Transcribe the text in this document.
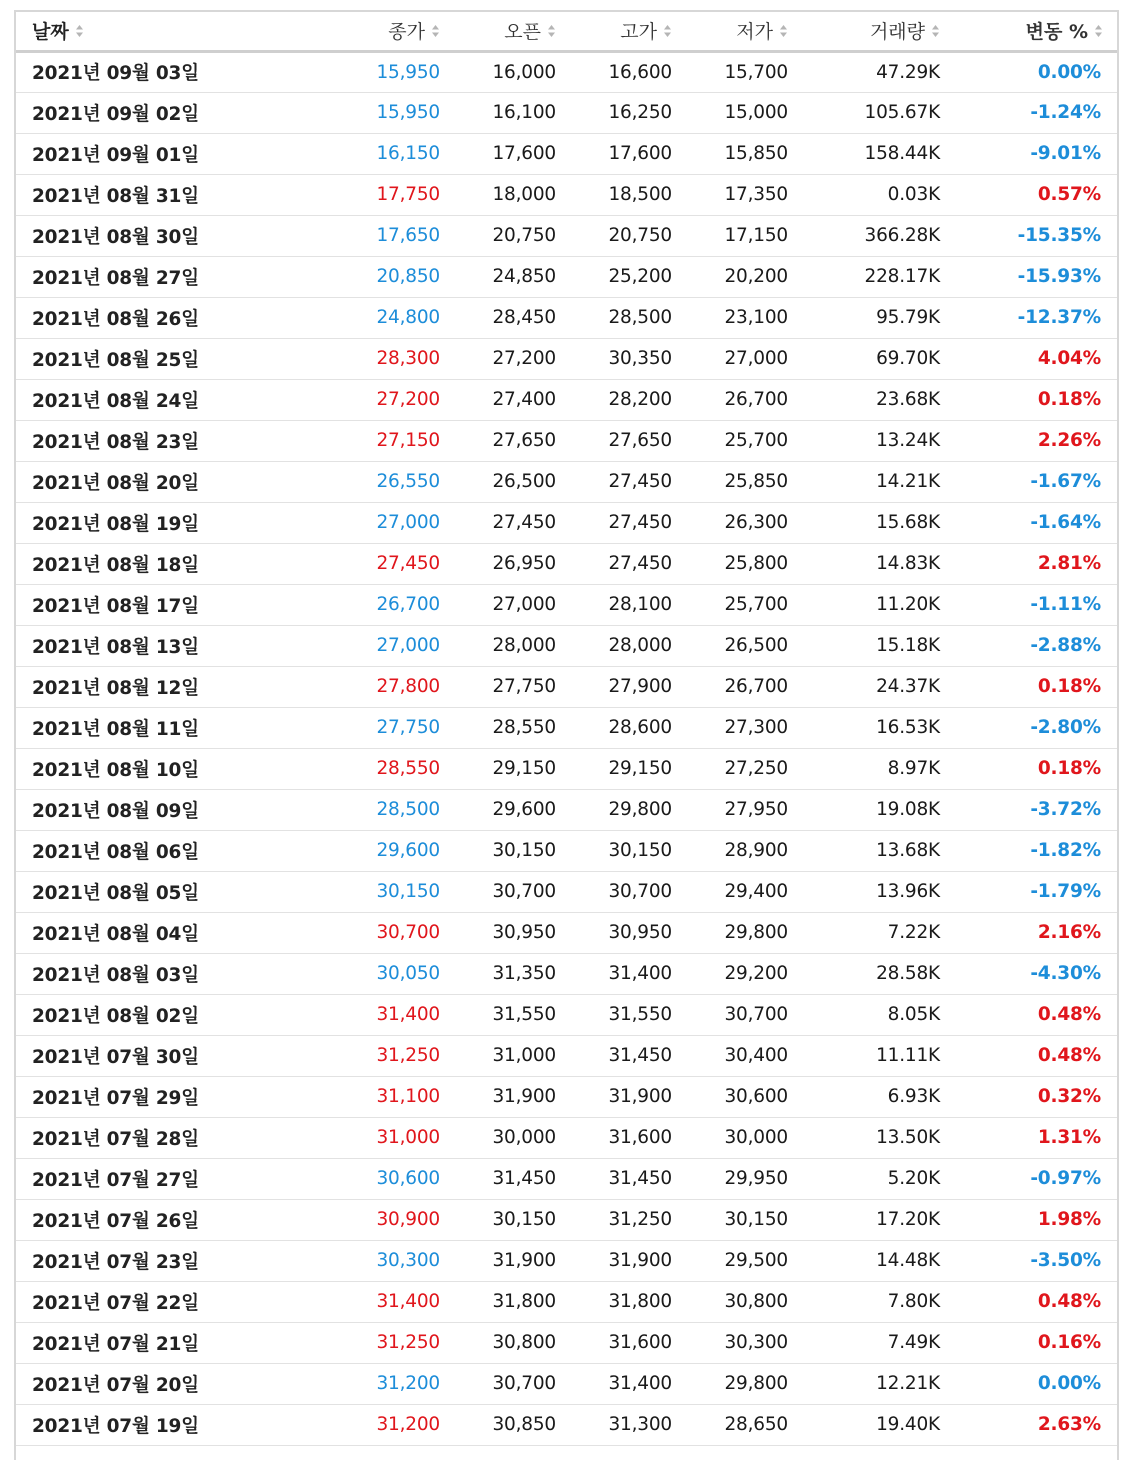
날짜	종가	오픈	고가	저가	거래량	변동 %

2021년 09월 03일	15,950	16,000	16,600	15,700	47.29K	0.00%
2021년 09월 02일	15,950	16,100	16,250	15,000	105.67K	-1.24%
2021년 09월 01일	16,150	17,600	17,600	15,850	158.44K	-9.01%
2021년 08월 31일	17,750	18,000	18,500	17,350	0.03K	0.57%
2021년 08월 30일	17,650	20,750	20,750	17,150	366.28K	-15.35%
2021년 08월 27일	20,850	24,850	25,200	20,200	228.17K	-15.93%
2021년 08월 26일	24,800	28,450	28,500	23,100	95.79K	-12.37%
2021년 08월 25일	28,300	27,200	30,350	27,000	69.70K	4.04%
2021년 08월 24일	27,200	27,400	28,200	26,700	23.68K	0.18%
2021년 08월 23일	27,150	27,650	27,650	25,700	13.24K	2.26%
2021년 08월 20일	26,550	26,500	27,450	25,850	14.21K	-1.67%
2021년 08월 19일	27,000	27,450	27,450	26,300	15.68K	-1.64%
2021년 08월 18일	27,450	26,950	27,450	25,800	14.83K	2.81%
2021년 08월 17일	26,700	27,000	28,100	25,700	11.20K	-1.11%
2021년 08월 13일	27,000	28,000	28,000	26,500	15.18K	-2.88%
2021년 08월 12일	27,800	27,750	27,900	26,700	24.37K	0.18%
2021년 08월 11일	27,750	28,550	28,600	27,300	16.53K	-2.80%
2021년 08월 10일	28,550	29,150	29,150	27,250	8.97K	0.18%
2021년 08월 09일	28,500	29,600	29,800	27,950	19.08K	-3.72%
2021년 08월 06일	29,600	30,150	30,150	28,900	13.68K	-1.82%
2021년 08월 05일	30,150	30,700	30,700	29,400	13.96K	-1.79%
2021년 08월 04일	30,700	30,950	30,950	29,800	7.22K	2.16%
2021년 08월 03일	30,050	31,350	31,400	29,200	28.58K	-4.30%
2021년 08월 02일	31,400	31,550	31,550	30,700	8.05K	0.48%
2021년 07월 30일	31,250	31,000	31,450	30,400	11.11K	0.48%
2021년 07월 29일	31,100	31,900	31,900	30,600	6.93K	0.32%
2021년 07월 28일	31,000	30,000	31,600	30,000	13.50K	1.31%
2021년 07월 27일	30,600	31,450	31,450	29,950	5.20K	-0.97%
2021년 07월 26일	30,900	30,150	31,250	30,150	17.20K	1.98%
2021년 07월 23일	30,300	31,900	31,900	29,500	14.48K	-3.50%
2021년 07월 22일	31,400	31,800	31,800	30,800	7.80K	0.48%
2021년 07월 21일	31,250	30,800	31,600	30,300	7.49K	0.16%
2021년 07월 20일	31,200	30,700	31,400	29,800	12.21K	0.00%
2021년 07월 19일	31,200	30,850	31,300	28,650	19.40K	2.63%
